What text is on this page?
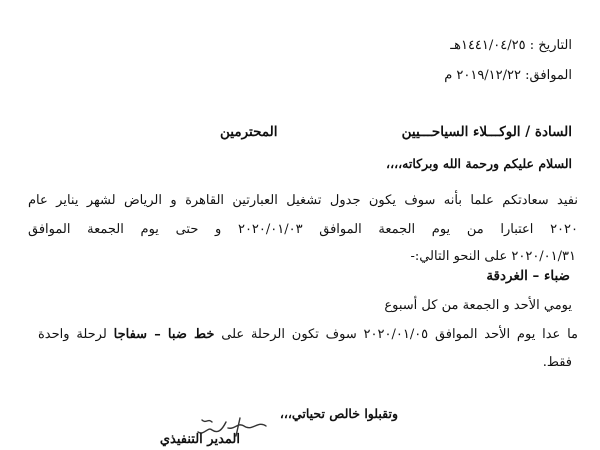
التاريخ : ١٤٤١/٠٤/٢٥هـ
الموافق: ٢٠١٩/١٢/٢٢ م
السادة / الوكـــلاء السياحـــيين
المحترمين
السلام عليكم ورحمة الله وبركاته،،،،
نفيد سعادتكم علما بأنه سوف يكون جدول تشغيل العبارتين القاهرة و الرياض لشهر يناير عام
٢٠٢٠ اعتبارا من يوم الجمعة الموافق ٢٠٢٠/٠١/٠٣ و حتى يوم الجمعة الموافق
٢٠٢٠/٠١/٣١ على النحو التالي:-
ضباء – الغردقة
يومي الأحد و الجمعة من كل أسبوع
ما عدا يوم الأحد الموافق ٢٠٢٠/٠١/٠٥ سوف تكون الرحلة على خط ضبا – سفاجا لرحلة واحدة
فقط.
وتقبلوا خالص تحياتي،،،
المدير التنفيذي
